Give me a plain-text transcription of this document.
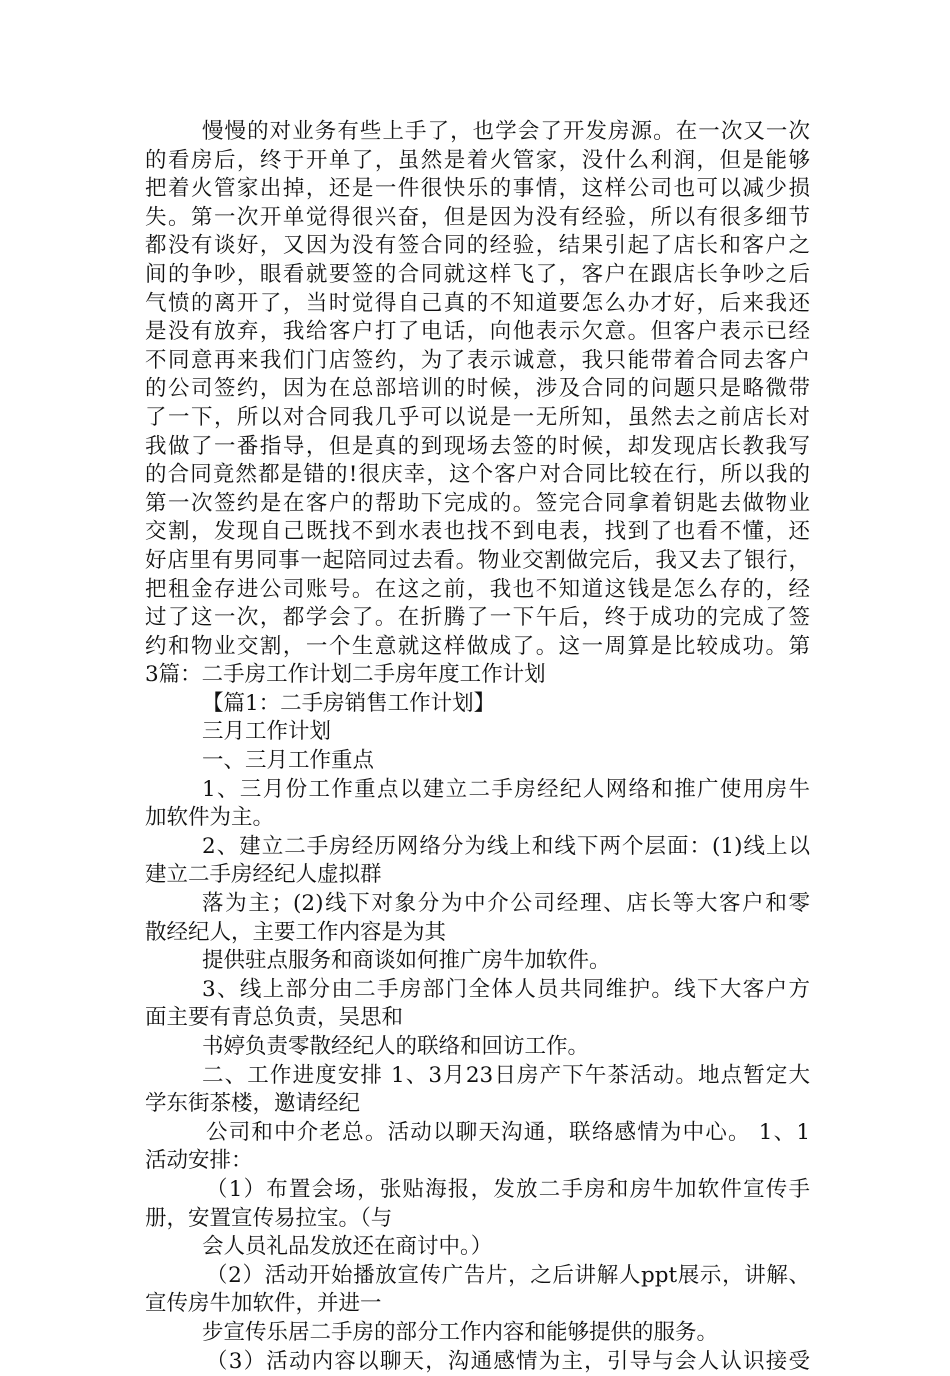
慢慢的对业务有些上手了，也学会了开发房源。在一次又一次
的看房后，终于开单了，虽然是着火管家，没什么利润，但是能够
把着火管家出掉，还是一件很快乐的事情，这样公司也可以减少损
失。第一次开单觉得很兴奋，但是因为没有经验，所以有很多细节
都没有谈好，又因为没有签合同的经验，结果引起了店长和客户之
间的争吵，眼看就要签的合同就这样飞了，客户在跟店长争吵之后
气愤的离开了，当时觉得自己真的不知道要怎么办才好，后来我还
是没有放弃，我给客户打了电话，向他表示欠意。但客户表示已经
不同意再来我们门店签约，为了表示诚意，我只能带着合同去客户
的公司签约，因为在总部培训的时候，涉及合同的问题只是略微带
了一下，所以对合同我几乎可以说是一无所知，虽然去之前店长对
我做了一番指导，但是真的到现场去签的时候，却发现店长教我写
的合同竟然都是错的!很庆幸，这个客户对合同比较在行，所以我的
第一次签约是在客户的帮助下完成的。签完合同拿着钥匙去做物业
交割，发现自己既找不到水表也找不到电表，找到了也看不懂，还
好店里有男同事一起陪同过去看。物业交割做完后，我又去了银行，
把租金存进公司账号。在这之前，我也不知道这钱是怎么存的，经
过了这一次，都学会了。在折腾了一下午后，终于成功的完成了签
约和物业交割，一个生意就这样做成了。这一周算是比较成功。第
3篇：二手房工作计划二手房年度工作计划
【篇1：二手房销售工作计划】
三月工作计划
一、三月工作重点
1、三月份工作重点以建立二手房经纪人网络和推广使用房牛
加软件为主。
2、建立二手房经历网络分为线上和线下两个层面：(1)线上以
建立二手房经纪人虚拟群
落为主；(2)线下对象分为中介公司经理、店长等大客户和零
散经纪人，主要工作内容是为其
提供驻点服务和商谈如何推广房牛加软件。
3、线上部分由二手房部门全体人员共同维护。线下大客户方
面主要有青总负责，吴思和
书婷负责零散经纪人的联络和回访工作。
二、工作进度安排 1、3月23日房产下午茶活动。地点暂定大
学东街茶楼，邀请经纪
公司和中介老总。活动以聊天沟通，联络感情为中心。 1、1
活动安排：
（1）布置会场，张贴海报，发放二手房和房牛加软件宣传手
册，安置宣传易拉宝。（与
会人员礼品发放还在商讨中。）
（2）活动开始播放宣传广告片，之后讲解人ppt展示，讲解、
宣传房牛加软件，并进一
步宣传乐居二手房的部分工作内容和能够提供的服务。
（3）活动内容以聊天，沟通感情为主，引导与会人认识接受
